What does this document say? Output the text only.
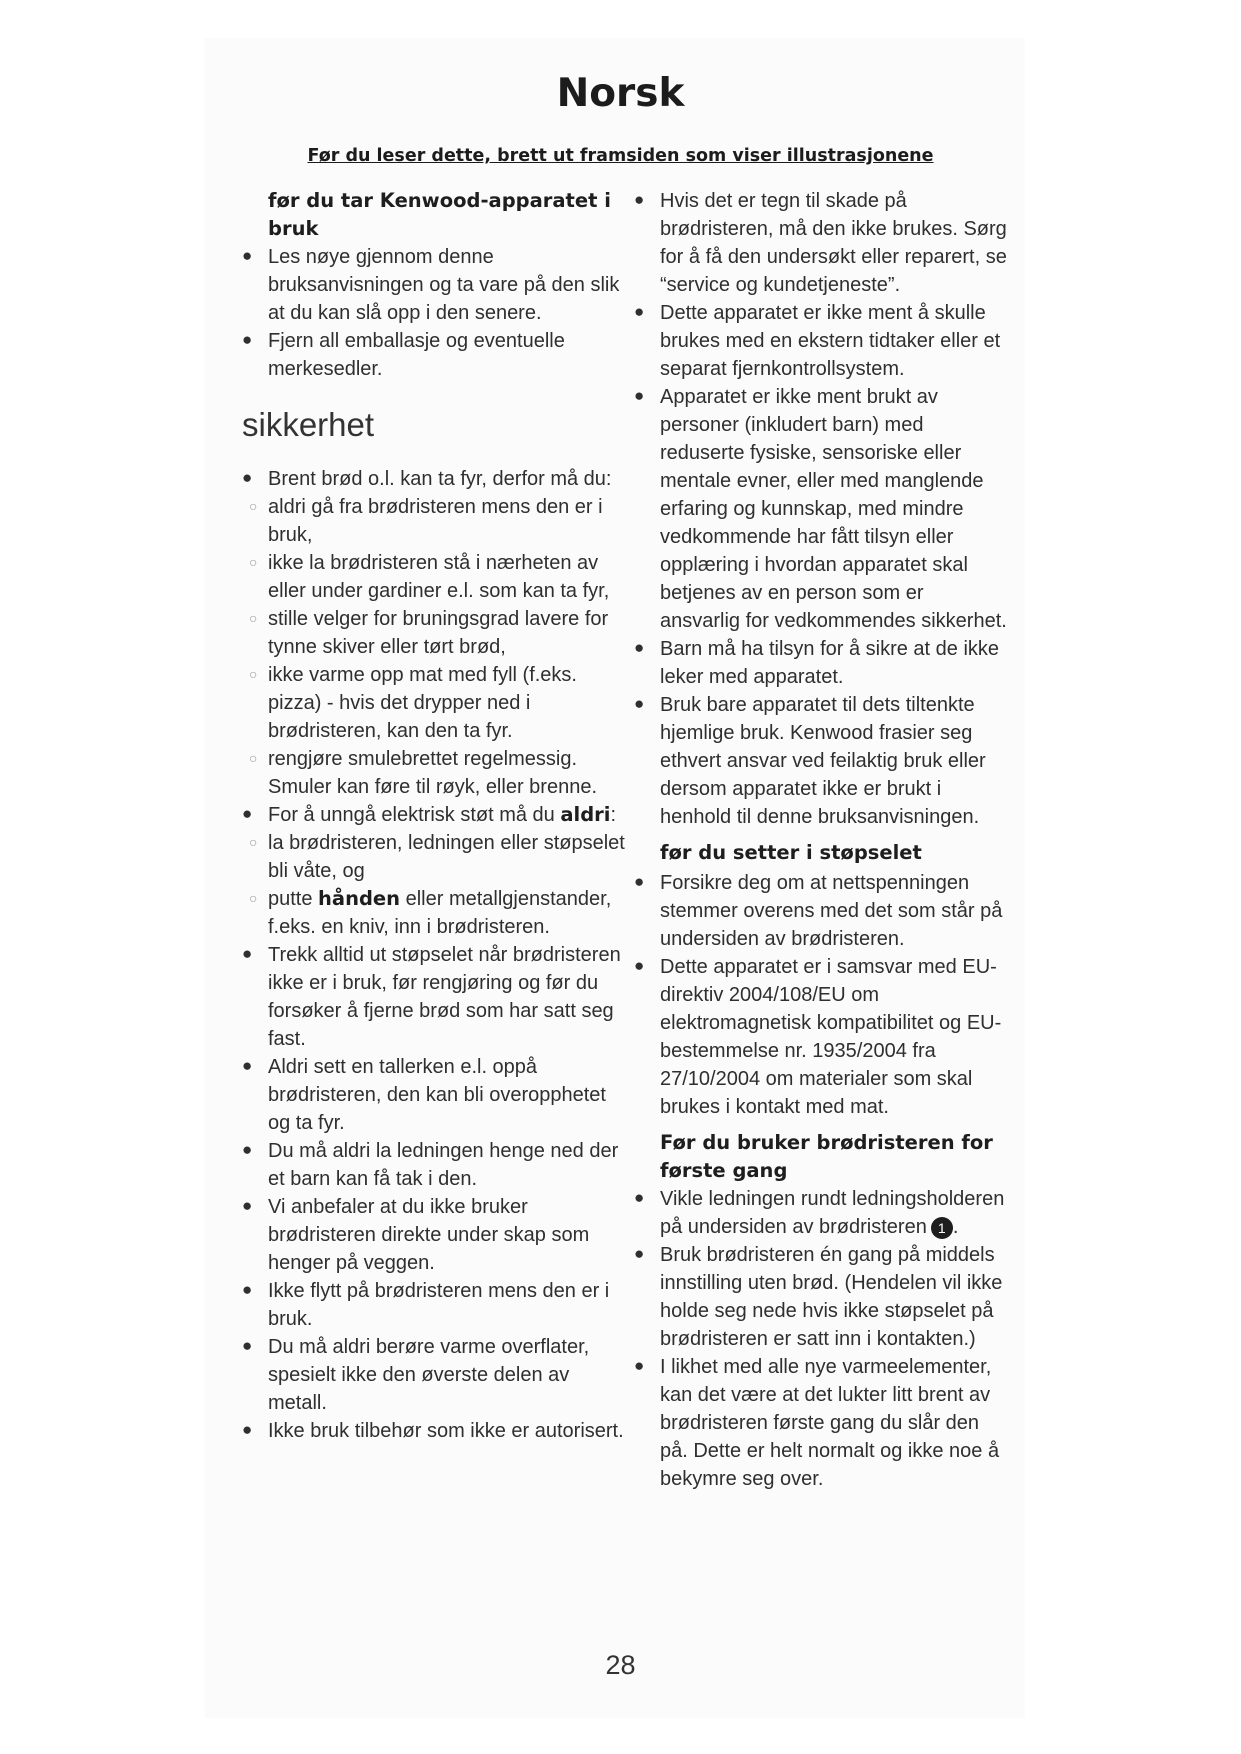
Norsk

Før du leser dette, brett ut framsiden som viser illustrasjonene

før du tar Kenwood-apparatet i bruk

● Les nøye gjennom denne bruksanvisningen og ta vare på den slik at du kan slå opp i den senere.

● Fjern all emballasje og eventuelle merkesedler.

sikkerhet

● Brent brød o.l. kan ta fyr, derfor må du:

○ aldri gå fra brødristeren mens den er i bruk,

○ ikke la brødristeren stå i nærheten av eller under gardiner e.l. som kan ta fyr,

○ stille velger for bruningsgrad lavere for tynne skiver eller tørt brød,

○ ikke varme opp mat med fyll (f.eks. pizza) - hvis det drypper ned i brødristeren, kan den ta fyr.

○ rengjøre smulebrettet regelmessig. Smuler kan føre til røyk, eller brenne.

● For å unngå elektrisk støt må du aldri:

○ la brødristeren, ledningen eller støpselet bli våte, og

○ putte hånden eller metallgjenstander, f.eks. en kniv, inn i brødristeren.

● Trekk alltid ut støpselet når brødristeren ikke er i bruk, før rengjøring og før du forsøker å fjerne brød som har satt seg fast.

● Aldri sett en tallerken e.l. oppå brødristeren, den kan bli overopphetet og ta fyr.

● Du må aldri la ledningen henge ned der et barn kan få tak i den.

● Vi anbefaler at du ikke bruker brødristeren direkte under skap som henger på veggen.

● Ikke flytt på brødristeren mens den er i bruk.

● Du må aldri berøre varme overflater, spesielt ikke den øverste delen av metall.

● Ikke bruk tilbehør som ikke er autorisert.

● Hvis det er tegn til skade på brødristeren, må den ikke brukes. Sørg for å få den undersøkt eller reparert, se “service og kundetjeneste”.

● Dette apparatet er ikke ment å skulle brukes med en ekstern tidtaker eller et separat fjernkontrollsystem.

● Apparatet er ikke ment brukt av personer (inkludert barn) med reduserte fysiske, sensoriske eller mentale evner, eller med manglende erfaring og kunnskap, med mindre vedkommende har fått tilsyn eller opplæring i hvordan apparatet skal betjenes av en person som er ansvarlig for vedkommendes sikkerhet.

● Barn må ha tilsyn for å sikre at de ikke leker med apparatet.

● Bruk bare apparatet til dets tiltenkte hjemlige bruk. Kenwood frasier seg ethvert ansvar ved feilaktig bruk eller dersom apparatet ikke er brukt i henhold til denne bruksanvisningen.

før du setter i støpselet

● Forsikre deg om at nettspenningen stemmer overens med det som står på undersiden av brødristeren.

● Dette apparatet er i samsvar med EU-direktiv 2004/108/EU om elektromagnetisk kompatibilitet og EU-bestemmelse nr. 1935/2004 fra 27/10/2004 om materialer som skal brukes i kontakt med mat.

Før du bruker brødristeren for første gang

● Vikle ledningen rundt ledningsholderen på undersiden av brødristeren 1 .

● Bruk brødristeren én gang på middels innstilling uten brød. (Hendelen vil ikke holde seg nede hvis ikke støpselet på brødristeren er satt inn i kontakten.)

● I likhet med alle nye varmeelementer, kan det være at det lukter litt brent av brødristeren første gang du slår den på. Dette er helt normalt og ikke noe å bekymre seg over.

28
